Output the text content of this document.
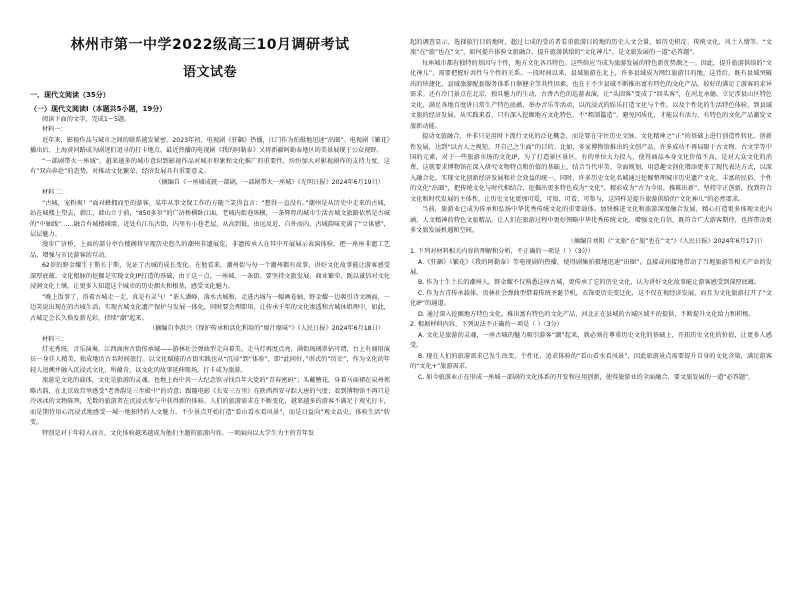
林州市第一中学2022级高三10月调研考试
语文试卷
一、现代文阅读（35分）
（一）现代文阅读Ⅰ（本题共5小题，19分）

阅读下面的文字，完成1～5题。

材料一：

近年来，影视作品与城市之间的联系越发紧密。2023年初，电视剧《狂飙》热播，江门作为拍摄地迅速“出圈”。电视剧《繁花》播出后，上海黄河路成为剧迷们追寻的打卡地点。最近热播的电视剧《我的阿勒泰》又将新疆阿勒泰地区的美景展现于公众视野。

“一部剧带火一座城”。越来越多的城市意识到影视作品对城市形象和文化推广的重要性，纷纷加大对影视剧作的支持力度。这有“双向奔赴”的态势，对推动文化繁荣、经济发展具有重要意义。

（摘编自《一座城成就一部剧，一部剧带火一座城》《光明日报》2024年6月19日）

材料二：

“古城，宠粉爽！”面对蜂拥而至的游客，某年从事文保工作的方随兰笑得直言：“想得一直没有。”潮州是从历史中走来的古城，站在城楼上望去，韩江、韩山立于前，“850多岁”的广济桥横卧江面，老城内街巷纵横，一条辉煌的城市生活古城文旅路依然是古城的“中轴线”……融合有城楼城墙、近处有江东古街，内里有小巷老屋，从高到低，由远及近，自外而内，古城韵味充满了“立体感”，层层魅力。

漫步广济桥，上面的部分亭台楼阁将呈现历史悠久的潮州非遗展览，非遗传承人在其中开展展示表演体验，把一座座非遗工艺品，增强与市民游客的互动。

62岁的野金耀生于斯长于斯，见证了古城的成长变化。在他看来，潮州街与每一个潮州都有故事，讲好文化故事能让游客感受深厚底蕴。文化根脉的挖掘是实现文化IP打造的基础，由于这一点，一座城、一条街、要坚持文旅发展、商业繁荣、既以诚信对文化浸润文化土壤，让更多人知道这个城市的历史烟火和根基，感受文化魅力。

“晚上饭事了，沿着古城走一走，真是有灵气！”茶人潘峰，落水古城和，走进古城与一幅画卷轴，野金耀一边吸引诗文画面，一边笑说出现在的古城生活，实现古城文化遗产保护与发展一体化，同时要会理即用，让传承千年的文化渗透和古城休肌理中，如此，古城定会长久焕发新光彩，持续“潮”起来。

（摘编自李洪兴《保护传承和活化利用的“原汁原味”》《人民日报》2024年6月18日）

材料三：

灯光秀场，音乐演奏，江西商南古街传承城——游林社会弹曲型走向着美。走马灯再度点亮，满街琉璃翠钻可谓，台上有商用演员一身佳人精美，独成地历古名时间旅行。以文化赋能的古街实践也从“沉浸”到“体验”，即“此间好，”形式的“历史”，作为文化的年轻人追溯并融入沉浸式文化，所蕴含，以文化的故事延伸现场，打卡成为旅游。

旅游是文化的载体，文化是旅游的灵魂。也地上海中共一大纪念馆寻找百年大党的“青春密码”；头戴簪花，身着马面裙在泉州领略古韵，在北京故宫里感受“老香韵是三坐殿中”的诗意；跟随电影《长安三万里》在陕西西安寻踪大唐的气度；看到博物馆不再只是冷冰冰的文物陈列，无数的旅游者在沉浸式参与中获得新的体验。人们的旅游需求在不断变化，越来越多的游客不满足于观光打卡，而是期待用心沉浸式地感受一城一地独特的人文魅力，不少景点开始打造“看山看水看风景”，而是日益向“观文品史、体验生活”转变。

特别是对于年轻人而言，文化体验越来越成为他们主题的旅游内容。一项面向以大学生为主的青年发

起的调查显示，选择旅行目的地时，超过七成的受访者看重旅游目的地的历史人文会量，如历史积淀、传统文化、风土人情等。“文旅”在“旅”也在“文”，如何提升体验文旅融合，提升旅游供给的“文化神儿”，是文旅发展的一道“必答题”。

每座城市都有独特的基因与个性，地方文化各具特色。这些给应当成为旅游发展的特色新优势源之一。因此，提升旅游供给的“文化神儿”，需要把握好共性与个性的关系。一段时间以来，县域旅游在北上，许多县域成为网红旅游目的地。这背后，既有县域突破出的快捷化，县域旅游配套服务体系日渐健全等共性因素，也在于不少县域不断推出富有特色的文化产品，较好的满足了游客的求异需求。还有冷门景点在北京，独具魅力的生动，古香古色的巡游表演，让“头回客”变成了“回头客”，在河北承德，立足涉县山区特色文化，满足各地百度讲日常生产特色底蕴，举办音乐等活动，以沉浸式的娱乐打造文化与个性，以及个性化的生活特色体验，到县域文旅的经济发展。从实践来看，只有深入挖掘地方文化特色，不“粗制滥造”，避免同质化，才能以有活力、有特色的文化产品激发文旅新动能。

提动文旅融合，并非只是用时下流行文化的泛化概念，而是要在守住历史文脉、文化精神之“正”的基础上进行创造性转化、创新性发展，达到“以古人之规矩，开自己之生面”的目的。比如，多家博物馆推出的文创产品，许多成功不再局限于古文物、古文字等中国的元素，对于一些旅游市场的文化IP，为了打造景区景区，有的单位大力投入，使得商品本身文化价值不高，是对大众文化的消费，这就要求博物馆在深入研究文物特点和价值的基础上，结合当代审美、全面规划，用意趣文创化增添更多了现代表达方式，以深入融合化，实现文化创新经济发展和社会效益的统一。同时，许多历史文化名城通过挖掘整理城市历史遗产文化、丰富的民俗、个性的文化“出圈”，把传统文化与时代相结合，挖掘出更多特色成为“文化”、精彩成为“古为今用，推陈出新”，坚持守正创新，找到符合文化和时代发展的主体性，让历史文化更加可爱，可知、可看、可参与，这同样是提升旅游供给的“文化神儿”的必然要求。

当前，旅游业已成为传承和弘扬中华优秀传统文化的重要载体。加快推进文化和旅游深度融合发展，精心打造更多体现文化内涵、人文精神的特色文旅精品，让人们在旅游过程中更好领略中华优秀传统文化、增强文化自信，既符合广大游客期待，也将带动更多文旅发展机遇和空间。

（摘编自刘阳《“文旅”在“旅”也在“文”》《人民日报》2024年6月17日）

1. 下列对材料相关内容的理解和分析，不正确的一项是（ ）（3分）

A.《狂飙》《繁花》《我的阿勒泰》等电视剧的热播，使得剧集拍摄地迅速“出圈”，直接或间接地带动了当地旅游等相关产业的发展。

B. 作为土生土长的潮州人，野金耀不仅熟悉这座古城，更传承了它的历史文化，认为讲好文化故事能让游客感受到深厚底蕴。

C. 作为古青传承载体，贵林社会弹曲型借着传统圣诞节机，衣饰更历史变迁化，这不仅在视经济发展，而且为文化旅游打开了“文化IP”的通道。

D. 通过深入挖掘地方特色文化，推出富有特色的文化产品，河北正在县城的古城区域不的提供，不断提升文化给力和积极。

2. 根据材料内容，下列说法不正确的一项是（ ）（3分）

A. 文化是旅游的灵魂，一座古城的魅力吸引游客“潮”起来，就必须在尊重历史文化的基础上，开拓历史文化的价值，让更多人感受。

B. 现在人们的旅游需求已发生改变，个性化、追求体验的“看山看水看风景”，因此旅游景点需要提升自身的文化含量，满足游客的“文化+”旅游需求。

C. 如今旅游业正在形成一座城一部剧的文化体系的开发和应用创新，使得旅游业的全面融合，要文旅发展的一道“必答题”。
